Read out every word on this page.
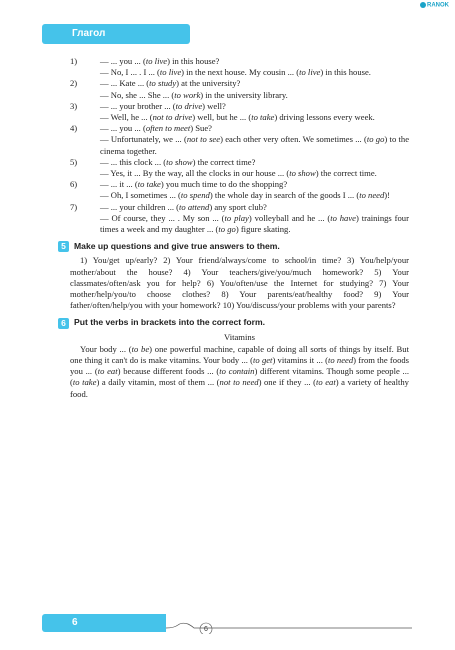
RANOK
Глагол
1)	— ... you ... (to live) in this house?
— No, I ... . I ... (to live) in the next house. My cousin ... (to live) in this house.
2)	— ... Kate ... (to study) at the university?
— No, she ... She ... (to work) in the university library.
3)	— ... your brother ... (to drive) well?
— Well, he ... (not to drive) well, but he ... (to take) driving lessons every week.
4)	— ... you ... (often to meet) Sue?
— Unfortunately, we ... (not to see) each other very often. We sometimes ... (to go) to the cinema together.
5)	— ... this clock ... (to show) the correct time?
— Yes, it ... By the way, all the clocks in our house ... (to show) the correct time.
6)	— ... it ... (to take) you much time to do the shopping?
— Oh, I sometimes ... (to spend) the whole day in search of the goods I ... (to need)!
7)	— ... your children ... (to attend) any sport club?
— Of course, they ... . My son ... (to play) volleyball and he ... (to have) trainings four times a week and my daughter ... (to go) figure skating.
5 Make up questions and give true answers to them.
1) You/get up/early? 2) Your friend/always/come to school/in time? 3) You/help/your mother/about the house? 4) Your teachers/give/you/much homework? 5) Your classmates/often/ask you for help? 6) You/often/use the Internet for studying? 7) Your mother/help/you/to choose clothes? 8) Your parents/eat/healthy food? 9) Your father/often/help/you with your homework? 10) You/discuss/your problems with your parents?
6 Put the verbs in brackets into the correct form.
Vitamins
Your body ... (to be) one powerful machine, capable of doing all sorts of things by itself. But one thing it can't do is make vitamins. Your body ... (to get) vitamins it ... (to need) from the foods you ... (to eat) because different foods ... (to contain) different vitamins. Though some people ... (to take) a daily vitamin, most of them ... (not to need) one if they ... (to eat) a variety of healthy food.
6
6
